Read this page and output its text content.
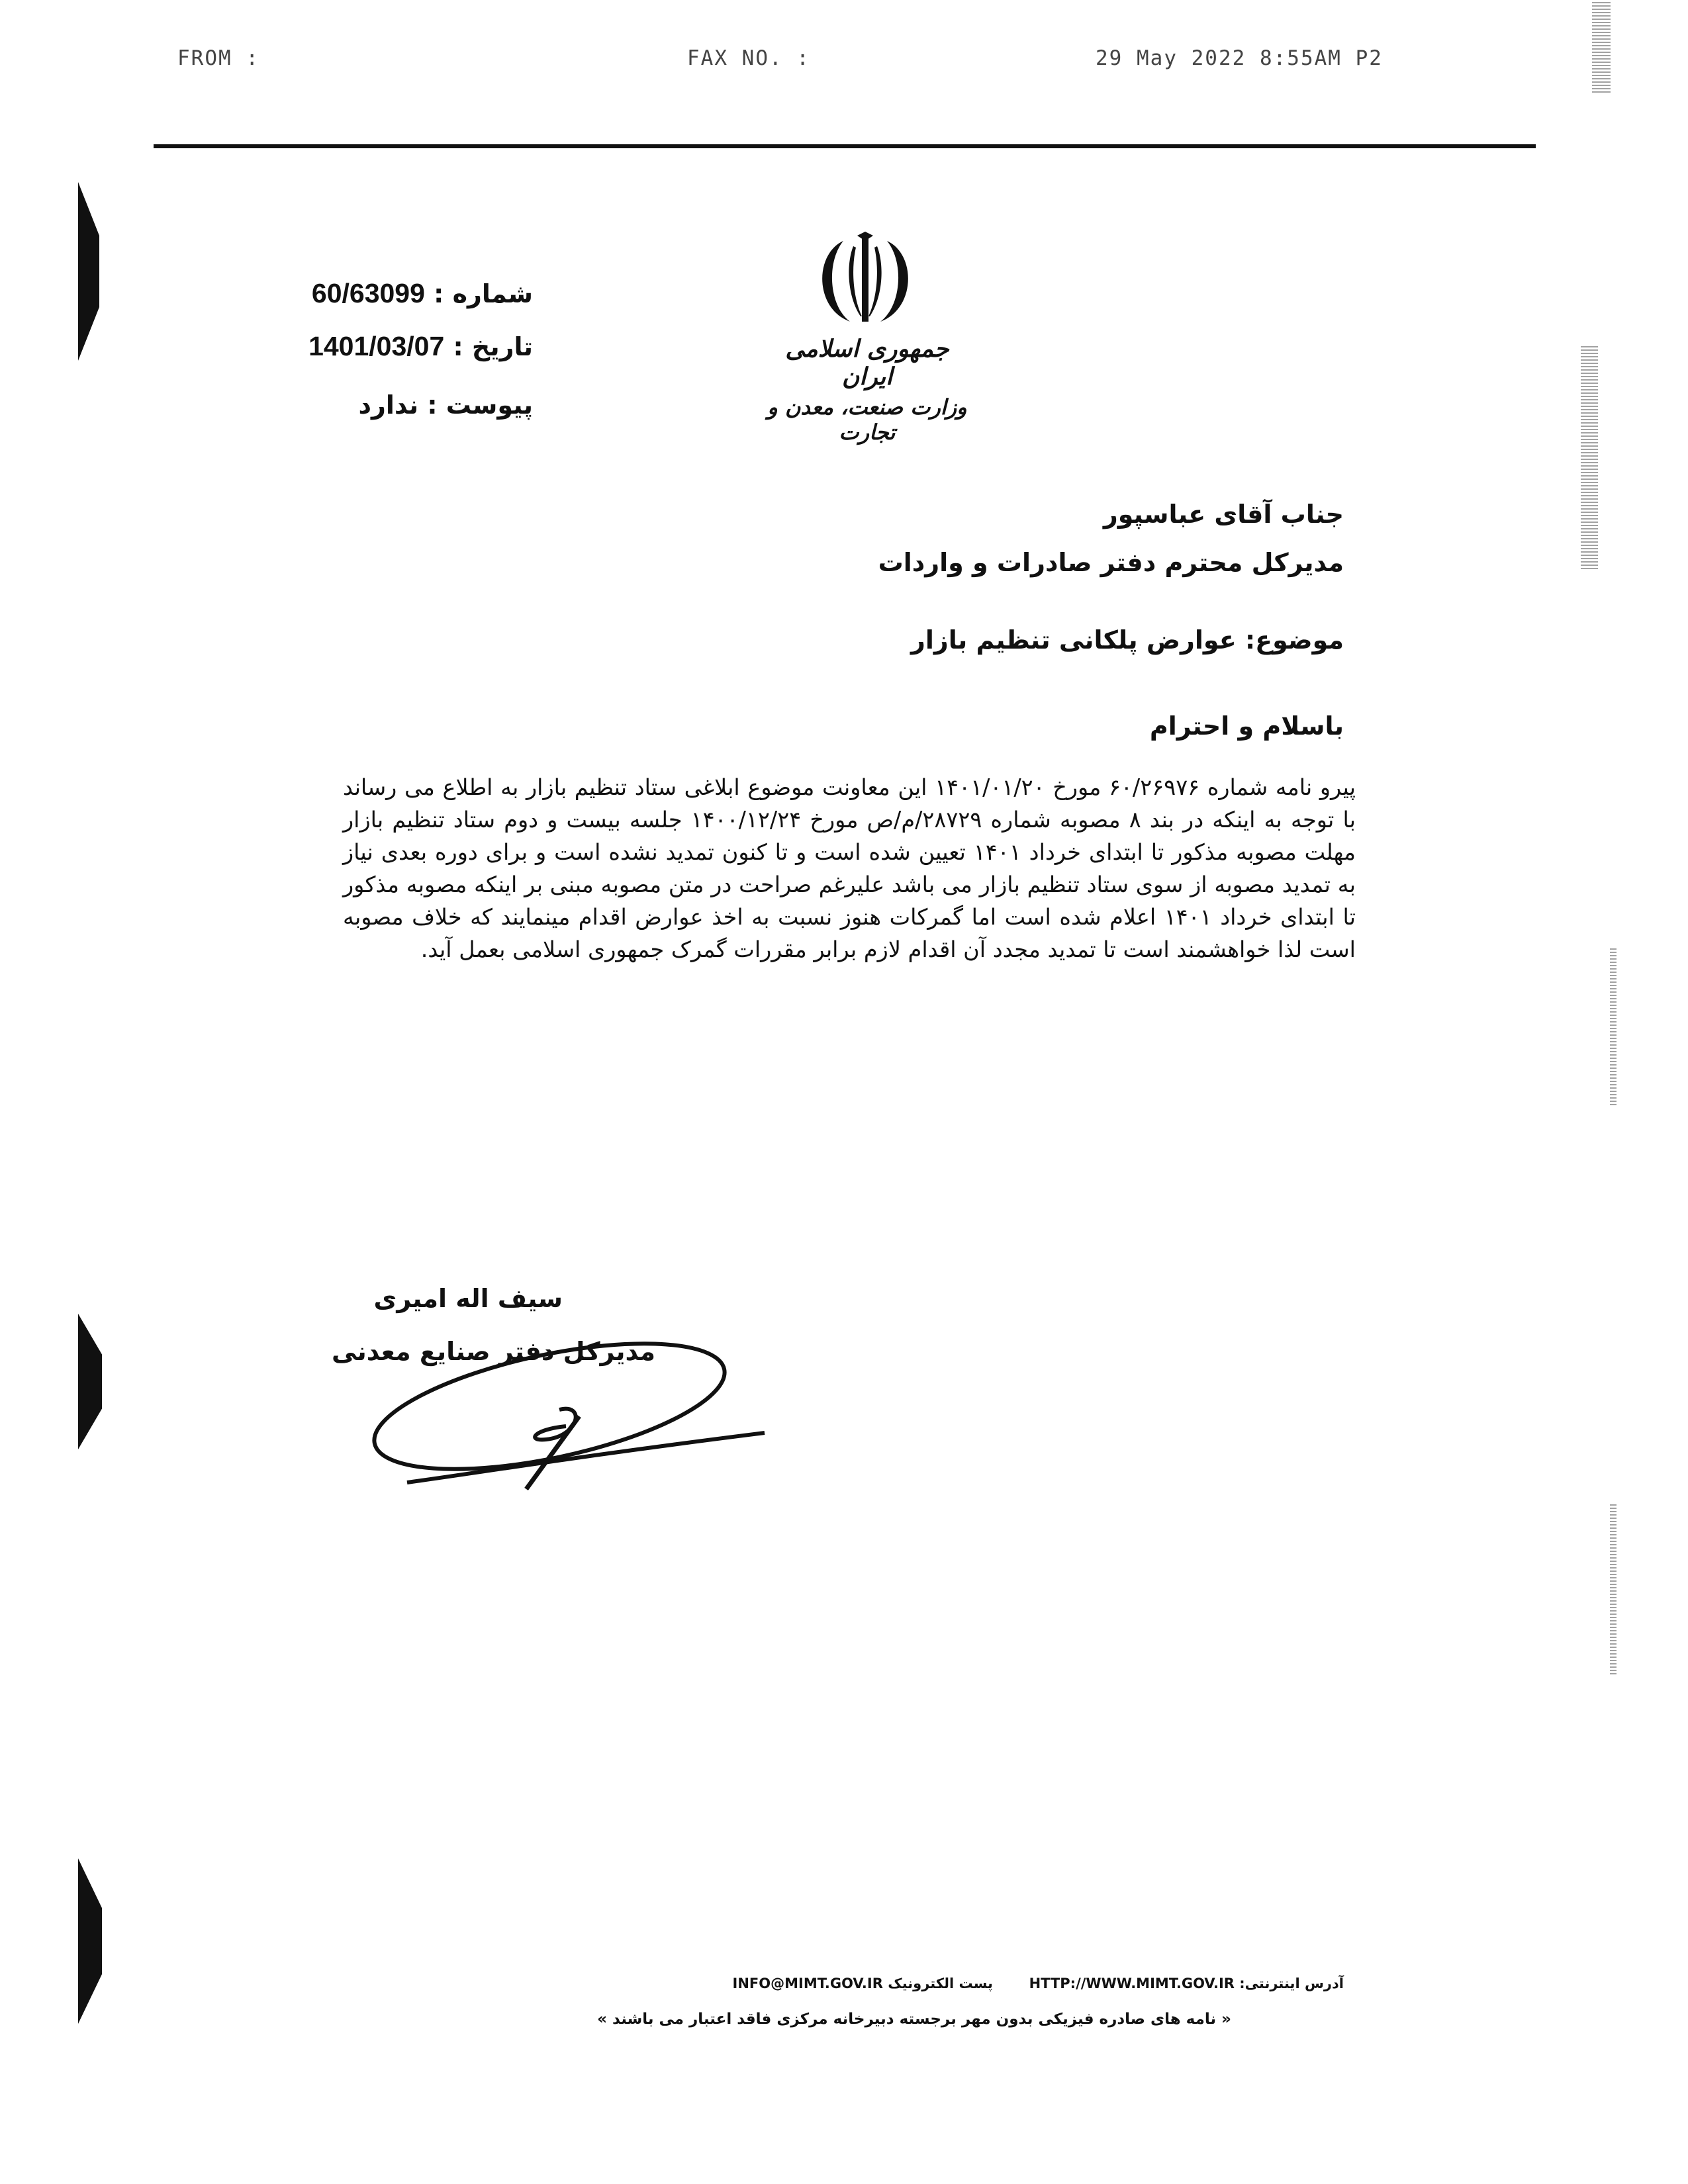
FROM :	FAX NO. :	29 May 2022 8:55AM P2
جمهوری اسلامی ایران
وزارت صنعت، معدن و تجارت
شماره : 60/63099
تاریخ : 1401/03/07
پیوست : ندارد
جناب آقای عباسپور
مدیرکل محترم دفتر صادرات و واردات
موضوع: عوارض پلکانی تنظیم بازار
باسلام و احترام
پیرو نامه شماره ۶۰/۲۶۹۷۶ مورخ ۱۴۰۱/۰۱/۲۰ این معاونت موضوع ابلاغی ستاد تنظیم بازار به اطلاع می رساند با توجه به اینکه در بند ۸ مصوبه شماره ۲۸۷۲۹/م/ص مورخ ۱۴۰۰/۱۲/۲۴ جلسه بیست و دوم ستاد تنظیم بازار مهلت مصوبه مذکور تا ابتدای خرداد ۱۴۰۱ تعیین شده است و تا کنون تمدید نشده است و برای دوره بعدی نیاز به تمدید مصوبه از سوی ستاد تنظیم بازار می باشد علیرغم صراحت در متن مصوبه مبنی بر اینکه مصوبه مذکور تا ابتدای خرداد ۱۴۰۱ اعلام شده است اما گمرکات هنوز نسبت به اخذ عوارض اقدام مینمایند که خلاف مصوبه است لذا خواهشمند است تا تمدید مجدد آن اقدام لازم برابر مقررات گمرک جمهوری اسلامی بعمل آید.
سیف اله امیری
مدیرکل دفتر صنایع معدنی
آدرس اینترنتی: HTTP://WWW.MIMT.GOV.IR  پست الکترونیک INFO@MIMT.GOV.IR
« نامه های صادره فیزیکی بدون مهر برجسته دبیرخانه مرکزی فاقد اعتبار می باشند »
